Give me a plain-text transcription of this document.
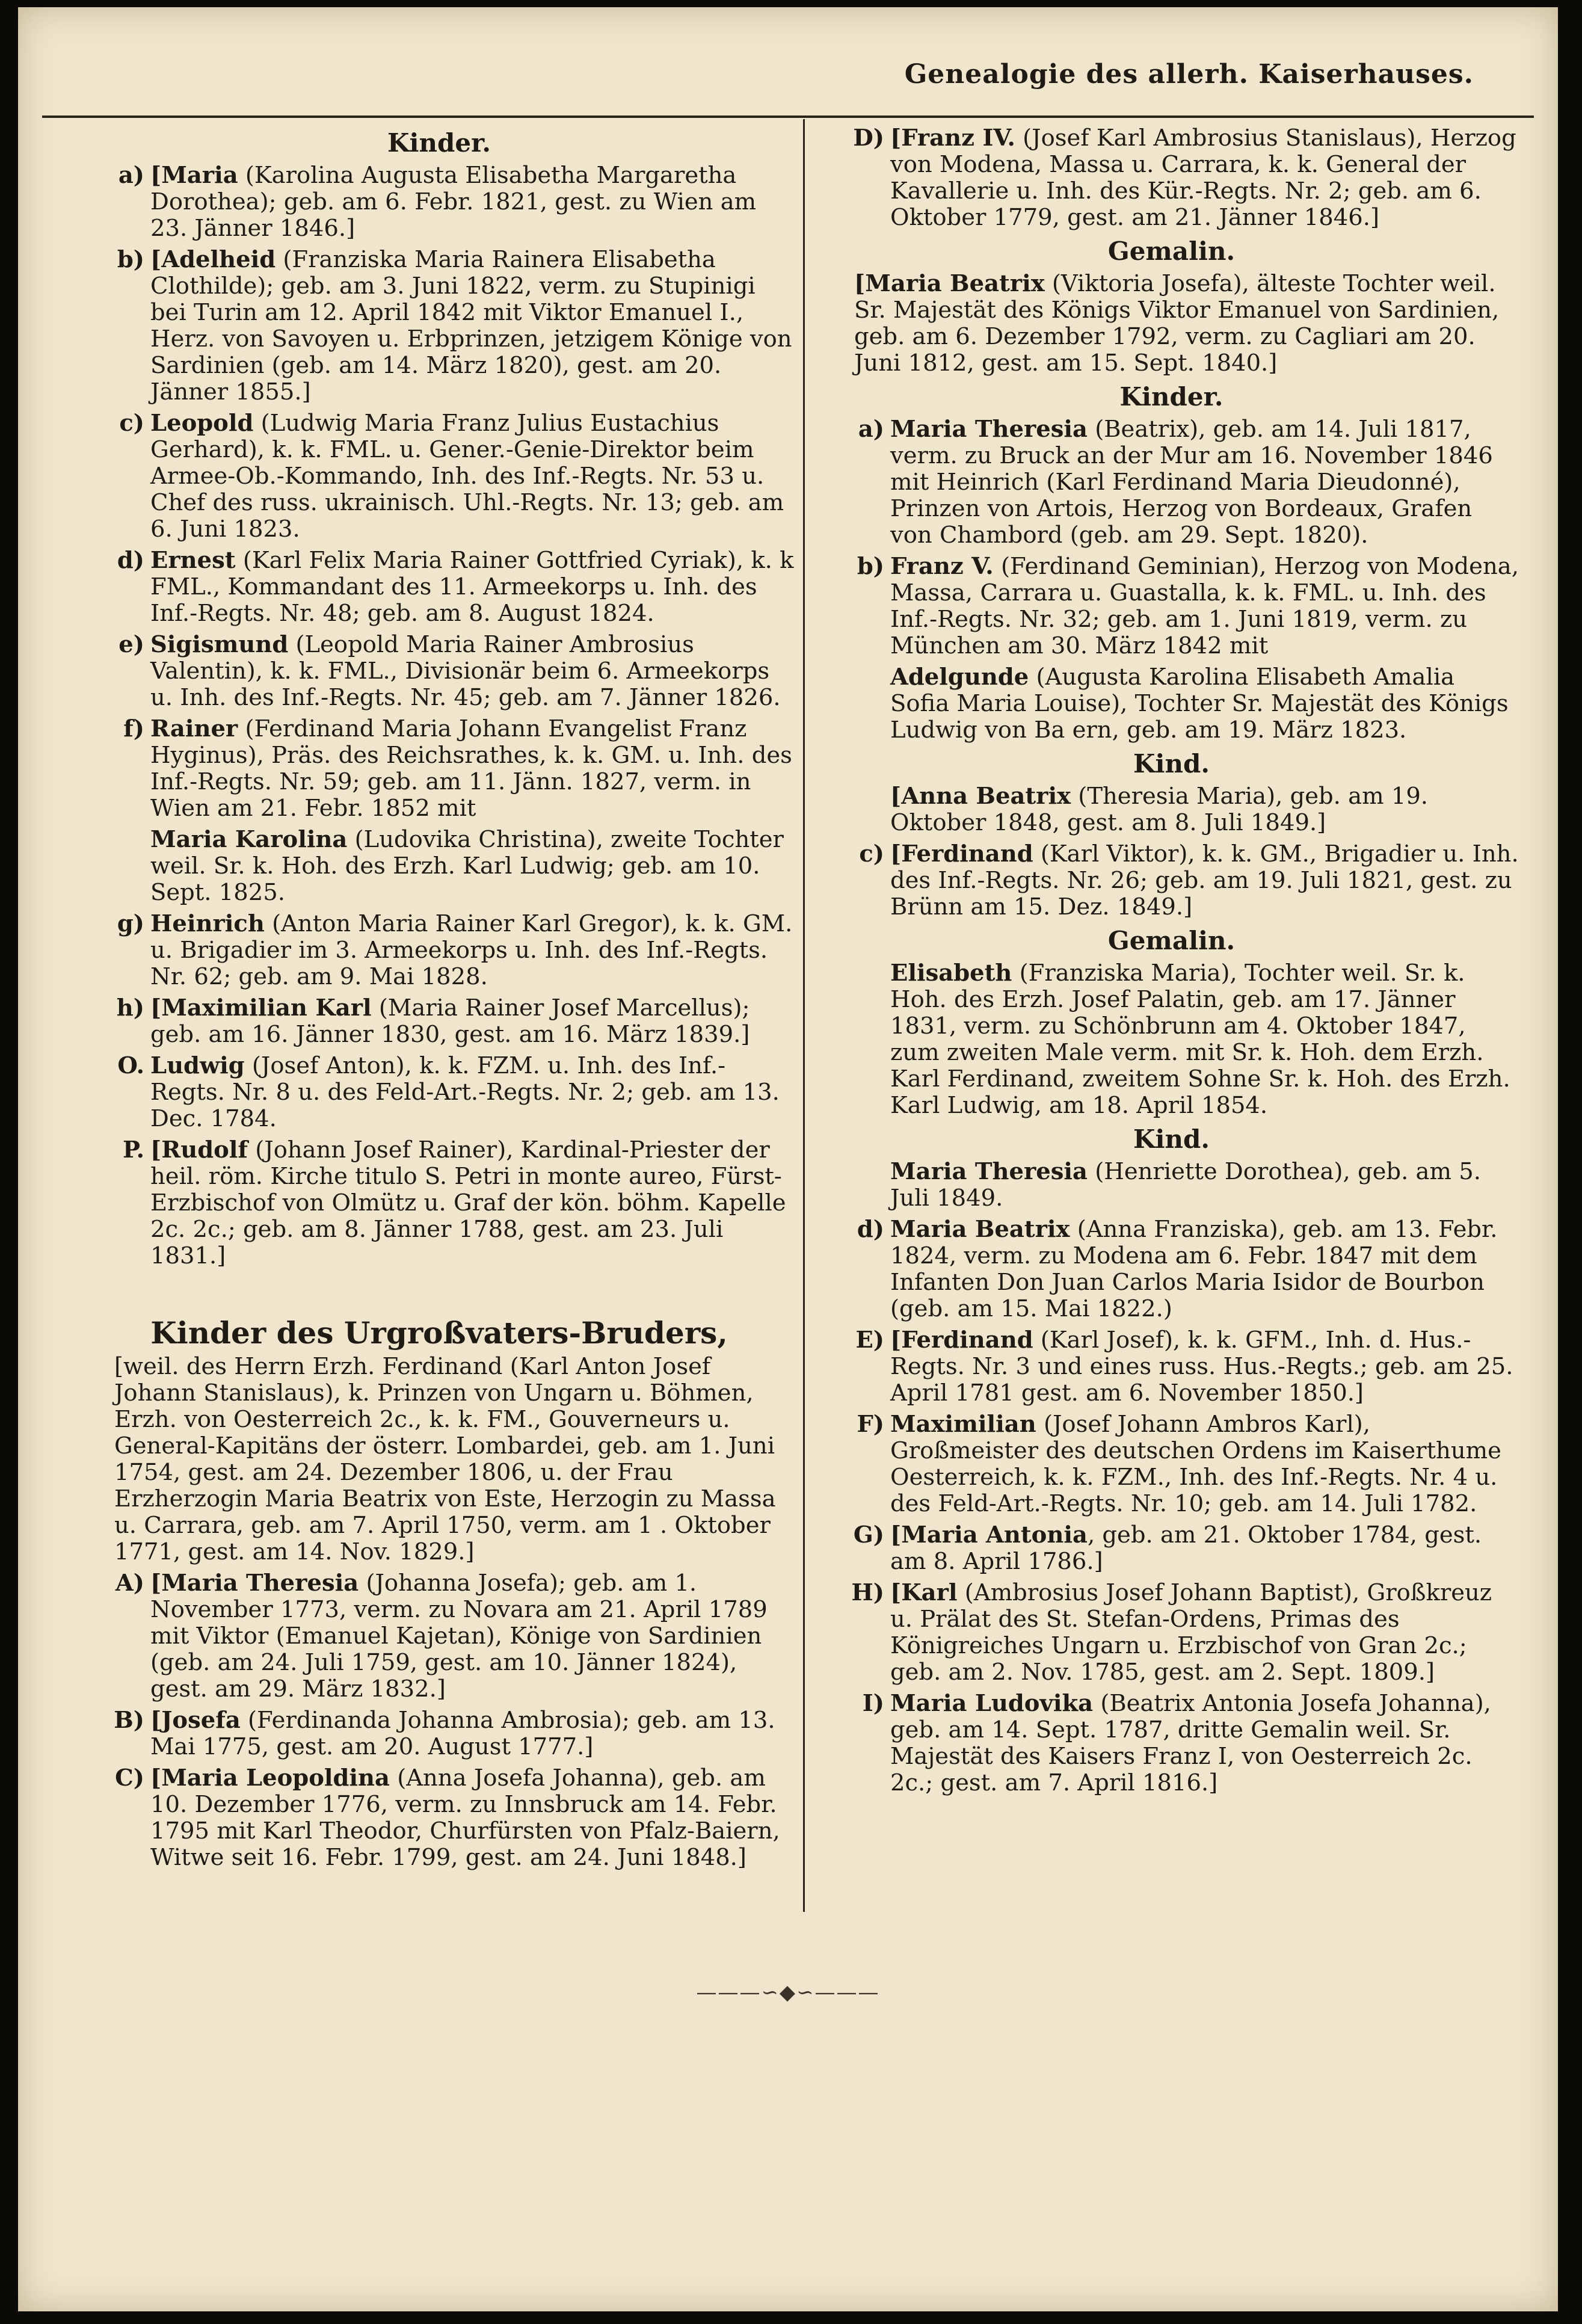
Genealogie des allerh. Kaiserhauses.
Kinder.
a) [Maria (Karolina Augusta Elisabetha Margaretha Dorothea); geb. am 6. Febr. 1821, gest. zu Wien am 23. Jänner 1846.]
b) [Adelheid (Franziska Maria Rainera Elisabetha Clothilde); geb. am 3. Juni 1822, verm. zu Stupinigi bei Turin am 12. April 1842 mit Viktor Emanuel I., Herz. von Savoyen u. Erbprinzen, jetzigem Könige von Sardinien (geb. am 14. März 1820), gest. am 20. Jänner 1855.]
c) Leopold (Ludwig Maria Franz Julius Eustachius Gerhard), k. k. FML. u. Gener.-Genie-Direktor beim Armee-Ob.-Kommando, Inh. des Inf.-Regts. Nr. 53 u. Chef des russ. ukrainisch. Uhl.-Regts. Nr. 13; geb. am 6. Juni 1823.
d) Ernest (Karl Felix Maria Rainer Gottfried Cyriak), k. k FML., Kommandant des 11. Armeekorps u. Inh. des Inf.-Regts. Nr. 48; geb. am 8. August 1824.
e) Sigismund (Leopold Maria Rainer Ambrosius Valentin), k. k. FML., Divisionär beim 6. Armeekorps u. Inh. des Inf.-Regts. Nr. 45; geb. am 7. Jänner 1826.
f) Rainer (Ferdinand Maria Johann Evangelist Franz Hyginus), Präs. des Reichsrathes, k. k. GM. u. Inh. des Inf.-Regts. Nr. 59; geb. am 11. Jänn. 1827, verm. in Wien am 21. Febr. 1852 mit
Maria Karolina (Ludovika Christina), zweite Tochter weil. Sr. k. Hoh. des Erzh. Karl Ludwig; geb. am 10. Sept. 1825.
g) Heinrich (Anton Maria Rainer Karl Gregor), k. k. GM. u. Brigadier im 3. Armeekorps u. Inh. des Inf.-Regts. Nr. 62; geb. am 9. Mai 1828.
h) [Maximilian Karl (Maria Rainer Josef Marcellus); geb. am 16. Jänner 1830, gest. am 16. März 1839.]
O. Ludwig (Josef Anton), k. k. FZM. u. Inh. des Inf.-Regts. Nr. 8 u. des Feld-Art.-Regts. Nr. 2; geb. am 13. Dec. 1784.
P. [Rudolf (Johann Josef Rainer), Kardinal-Priester der heil. röm. Kirche titulo S. Petri in monte aureo, Fürst-Erzbischof von Olmütz u. Graf der kön. böhm. Kapelle 2c. 2c.; geb. am 8. Jänner 1788, gest. am 23. Juli 1831.]
Kinder des Urgroßvaters-Bruders,
[weil. des Herrn Erzh. Ferdinand (Karl Anton Josef Johann Stanislaus), k. Prinzen von Ungarn u. Böhmen, Erzh. von Oesterreich 2c., k. k. FM., Gouverneurs u. General-Kapitäns der österr. Lombardei, geb. am 1. Juni 1754, gest. am 24. Dezember 1806, u. der Frau Erzherzogin Maria Beatrix von Este, Herzogin zu Massa u. Carrara, geb. am 7. April 1750, verm. am 1 . Oktober 1771, gest. am 14. Nov. 1829.]
A) [Maria Theresia (Johanna Josefa); geb. am 1. November 1773, verm. zu Novara am 21. April 1789 mit Viktor (Emanuel Kajetan), Könige von Sardinien (geb. am 24. Juli 1759, gest. am 10. Jänner 1824), gest. am 29. März 1832.]
B) [Josefa (Ferdinanda Johanna Ambrosia); geb. am 13. Mai 1775, gest. am 20. August 1777.]
C) [Maria Leopoldina (Anna Josefa Johanna), geb. am 10. Dezember 1776, verm. zu Innsbruck am 14. Febr. 1795 mit Karl Theodor, Churfürsten von Pfalz-Baiern, Witwe seit 16. Febr. 1799, gest. am 24. Juni 1848.]
D) [Franz IV. (Josef Karl Ambrosius Stanislaus), Herzog von Modena, Massa u. Carrara, k. k. General der Kavallerie u. Inh. des Kür.-Regts. Nr. 2; geb. am 6. Oktober 1779, gest. am 21. Jänner 1846.]
Gemalin.
[Maria Beatrix (Viktoria Josefa), älteste Tochter weil. Sr. Majestät des Königs Viktor Emanuel von Sardinien, geb. am 6. Dezember 1792, verm. zu Cagliari am 20. Juni 1812, gest. am 15. Sept. 1840.]
Kinder.
a) Maria Theresia (Beatrix), geb. am 14. Juli 1817, verm. zu Bruck an der Mur am 16. November 1846 mit Heinrich (Karl Ferdinand Maria Dieudonné), Prinzen von Artois, Herzog von Bordeaux, Grafen von Chambord (geb. am 29. Sept. 1820).
b) Franz V. (Ferdinand Geminian), Herzog von Modena, Massa, Carrara u. Guastalla, k. k. FML. u. Inh. des Inf.-Regts. Nr. 32; geb. am 1. Juni 1819, verm. zu München am 30. März 1842 mit
Adelgunde (Augusta Karolina Elisabeth Amalia Sofia Maria Louise), Tochter Sr. Majestät des Königs Ludwig von Ba ern, geb. am 19. März 1823.
Kind.
[Anna Beatrix (Theresia Maria), geb. am 19. Oktober 1848, gest. am 8. Juli 1849.]
c) [Ferdinand (Karl Viktor), k. k. GM., Brigadier u. Inh. des Inf.-Regts. Nr. 26; geb. am 19. Juli 1821, gest. zu Brünn am 15. Dez. 1849.]
Gemalin.
Elisabeth (Franziska Maria), Tochter weil. Sr. k. Hoh. des Erzh. Josef Palatin, geb. am 17. Jänner 1831, verm. zu Schönbrunn am 4. Oktober 1847, zum zweiten Male verm. mit Sr. k. Hoh. dem Erzh. Karl Ferdinand, zweitem Sohne Sr. k. Hoh. des Erzh. Karl Ludwig, am 18. April 1854.
Kind.
Maria Theresia (Henriette Dorothea), geb. am 5. Juli 1849.
d) Maria Beatrix (Anna Franziska), geb. am 13. Febr. 1824, verm. zu Modena am 6. Febr. 1847 mit dem Infanten Don Juan Carlos Maria Isidor de Bourbon (geb. am 15. Mai 1822.)
E) [Ferdinand (Karl Josef), k. k. GFM., Inh. d. Hus.-Regts. Nr. 3 und eines russ. Hus.-Regts.; geb. am 25. April 1781 gest. am 6. November 1850.]
F) Maximilian (Josef Johann Ambros Karl), Großmeister des deutschen Ordens im Kaiserthume Oesterreich, k. k. FZM., Inh. des Inf.-Regts. Nr. 4 u. des Feld-Art.-Regts. Nr. 10; geb. am 14. Juli 1782.
G) [Maria Antonia, geb. am 21. Oktober 1784, gest. am 8. April 1786.]
H) [Karl (Ambrosius Josef Johann Baptist), Großkreuz u. Prälat des St. Stefan-Ordens, Primas des Königreiches Ungarn u. Erzbischof von Gran 2c.; geb. am 2. Nov. 1785, gest. am 2. Sept. 1809.]
I) Maria Ludovika (Beatrix Antonia Josefa Johanna), geb. am 14. Sept. 1787, dritte Gemalin weil. Sr. Majestät des Kaisers Franz I, von Oesterreich 2c. 2c.; gest. am 7. April 1816.]
———∽◆∽———
